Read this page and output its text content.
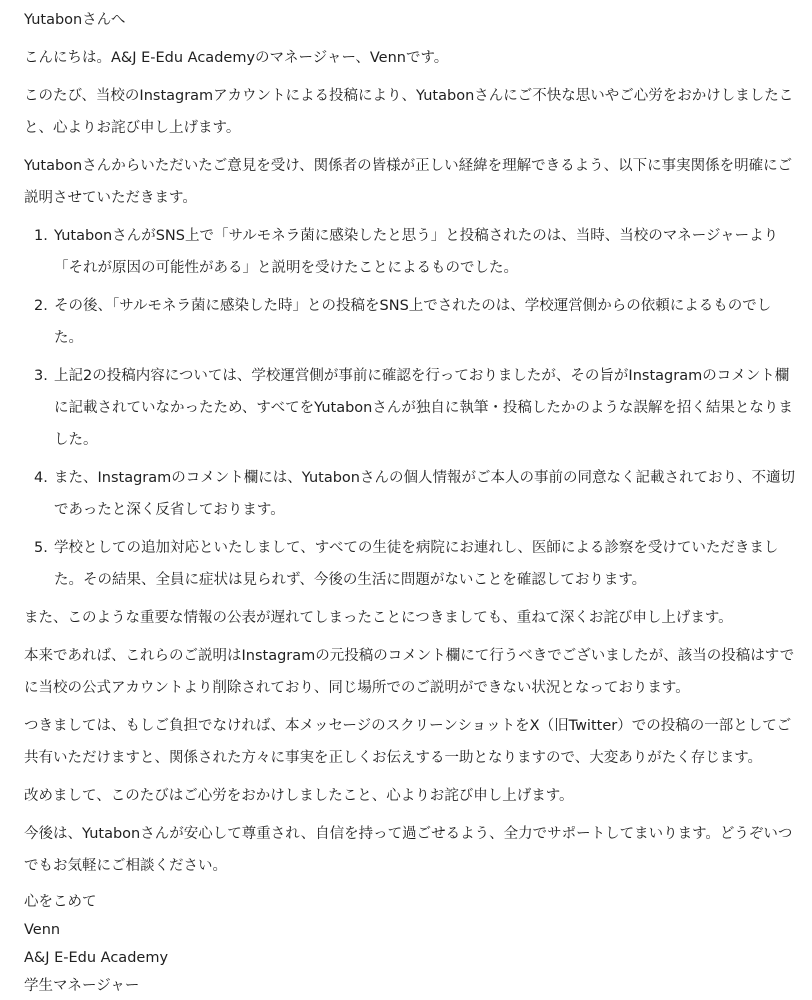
Yutabonさんへ

こんにちは。A&J E-Edu Academyのマネージャー、Vennです。

このたび、当校のInstagramアカウントによる投稿により、Yutabonさんにご不快な思いやご心労をおかけしましたこと、心よりお詫び申し上げます。

Yutabonさんからいただいたご意見を受け、関係者の皆様が正しい経緯を理解できるよう、以下に事実関係を明確にご説明させていただきます。

1. YutabonさんがSNS上で「サルモネラ菌に感染したと思う」と投稿されたのは、当時、当校のマネージャーより「それが原因の可能性がある」と説明を受けたことによるものでした。
2. その後、「サルモネラ菌に感染した時」との投稿をSNS上でされたのは、学校運営側からの依頼によるものでした。
3. 上記2の投稿内容については、学校運営側が事前に確認を行っておりましたが、その旨がInstagramのコメント欄に記載されていなかったため、すべてをYutabonさんが独自に執筆・投稿したかのような誤解を招く結果となりました。
4. また、Instagramのコメント欄には、Yutabonさんの個人情報がご本人の事前の同意なく記載されており、不適切であったと深く反省しております。
5. 学校としての追加対応といたしまして、すべての生徒を病院にお連れし、医師による診察を受けていただきました。その結果、全員に症状は見られず、今後の生活に問題がないことを確認しております。

また、このような重要な情報の公表が遅れてしまったことにつきましても、重ねて深くお詫び申し上げます。

本来であれば、これらのご説明はInstagramの元投稿のコメント欄にて行うべきでございましたが、該当の投稿はすでに当校の公式アカウントより削除されており、同じ場所でのご説明ができない状況となっております。

つきましては、もしご負担でなければ、本メッセージのスクリーンショットをX（旧Twitter）での投稿の一部としてご共有いただけますと、関係された方々に事実を正しくお伝えする一助となりますので、大変ありがたく存じます。

改めまして、このたびはご心労をおかけしましたこと、心よりお詫び申し上げます。

今後は、Yutabonさんが安心して尊重され、自信を持って過ごせるよう、全力でサポートしてまいります。どうぞいつでもお気軽にご相談ください。

心をこめて
Venn
A&J E-Edu Academy
学生マネージャー
